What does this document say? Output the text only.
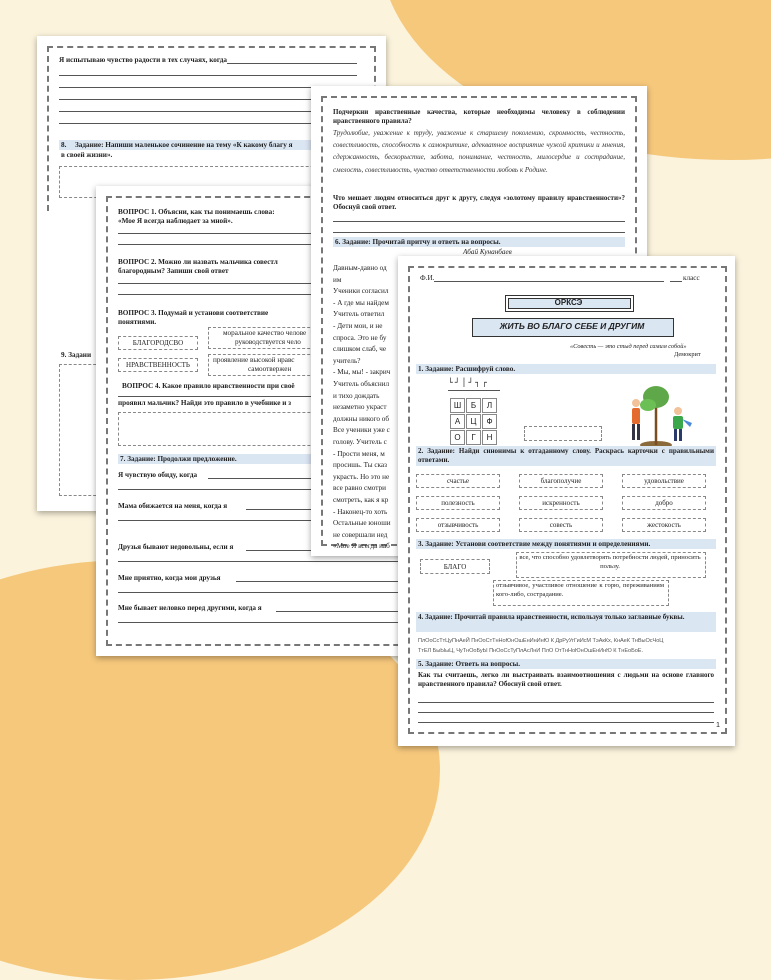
Я испытываю чувство радости в тех случаях, когда
8. Задание: Напиши маленькое сочинение на тему «К какому благу я
в своей жизни».
9. Задани
ВОПРОС 1. Объясни, как ты понимаешь слова:
«Мое Я всегда наблюдает за мной».
ВОПРОС 2. Можно ли назвать мальчика совестл
благородным? Запиши свой ответ
ВОПРОС 3. Подумай и установи соответствие
понятиями.
БЛАГОРОДСВО
НРАВСТВЕННОСТЬ
моральное качество челове
руководствуется чело
проявление высокой нравс
самоотвержен
ВОПРОС 4. Какое правило нравственности при своё
проявил мальчик? Найди это правило в учебнике и з
7. Задание: Продолжи предложение.
Я чувствую обиду, когда
Мама обижается на меня, когда я
Друзья бывают недовольны, если я
Мне приятно, когда мои друзья
Мне бывает неловко перед другими, когда я
Подчеркни нравственные качества, которые необходимы человеку в соблюдении нравственного правила?
Трудолюбие, уважение к труду, уважение к старшему поколению, скромность, честность, совестливость, способность к самокритике, адекватное восприятие чужой критики и мнения, сдержанность, бескорыстие, забота, понимание, честность, милосердие и сострадание, смелость, совестливость, чувство ответственности любовь к Родине.
Что мешает людям относиться друг к другу, следуя «золотому правилу нравственности»? Обоснуй свой ответ.
6. Задание: Прочитай притчу и ответь на вопросы.
Абай Кунанбаев
Давным-давно од
им
Ученики согласил
- А где мы найдем
Учитель ответил
- Дети мои, и не
спроса. Это не бу
слишком слаб, че
учитель?
- Мы, мы! - закрич
Учитель объяснил
и тихо дождать
незаметно украст
должны никого об
Все ученики уже с
голову. Учитель с
- Прости меня, м
просишь. Ты сказ
украсть. Но это не
все равно смотри
смотреть, как я кр
- Наконец-то хоть
Остальные юноши
не совершали нед
«Мое Я всегда наб
Ф.И.	класс
ОРКСЭ
ЖИТЬ ВО БЛАГО СЕБЕ И ДРУГИМ
«Совесть — это стыд перед самим собой»
Демокрит
1. Задание: Расшифруй слово.
└┘│┘┐┌
Ш	Б	Л
А	Ц	Ф
О	Г	Н
2. Задание: Найди синонимы к отгаданному слову. Раскрась карточки с правильными ответами.
счастье	благополучие	удовольствие
полезность	искренность	добро
отзывчивость	совесть	жестокость
3. Задание: Установи соответствие между понятиями и определениями.
БЛАГО
все, что способно удовлетворять потребности людей, приносить пользу.
отзывчивое, участливое отношение к горю, переживаниям кого-либо, сострадание.
4. Задание: Прочитай правила нравственности, используя только заглавные буквы.
ПлОоСсТтЦуПнАеЙ ПнОоСтТнНоЮнОшЕнИнИнЮ К ДрРуУгГиИсМ ТэАкКх, КнАеК ТнВыОсЧоЦ
ТтЕЛ БыЫыЦ, ЧуТнОоБуЫ ПнОоСсТуПлАсЛнИ ПлО ОтТнНоЮнОшЕнИнЮ К ТнЕоБоЕ.
5. Задание: Ответь на вопросы.
Как ты считаешь, легко ли выстраивать взаимоотношения с людьми на основе главного нравственного правила? Обоснуй свой ответ.
1
